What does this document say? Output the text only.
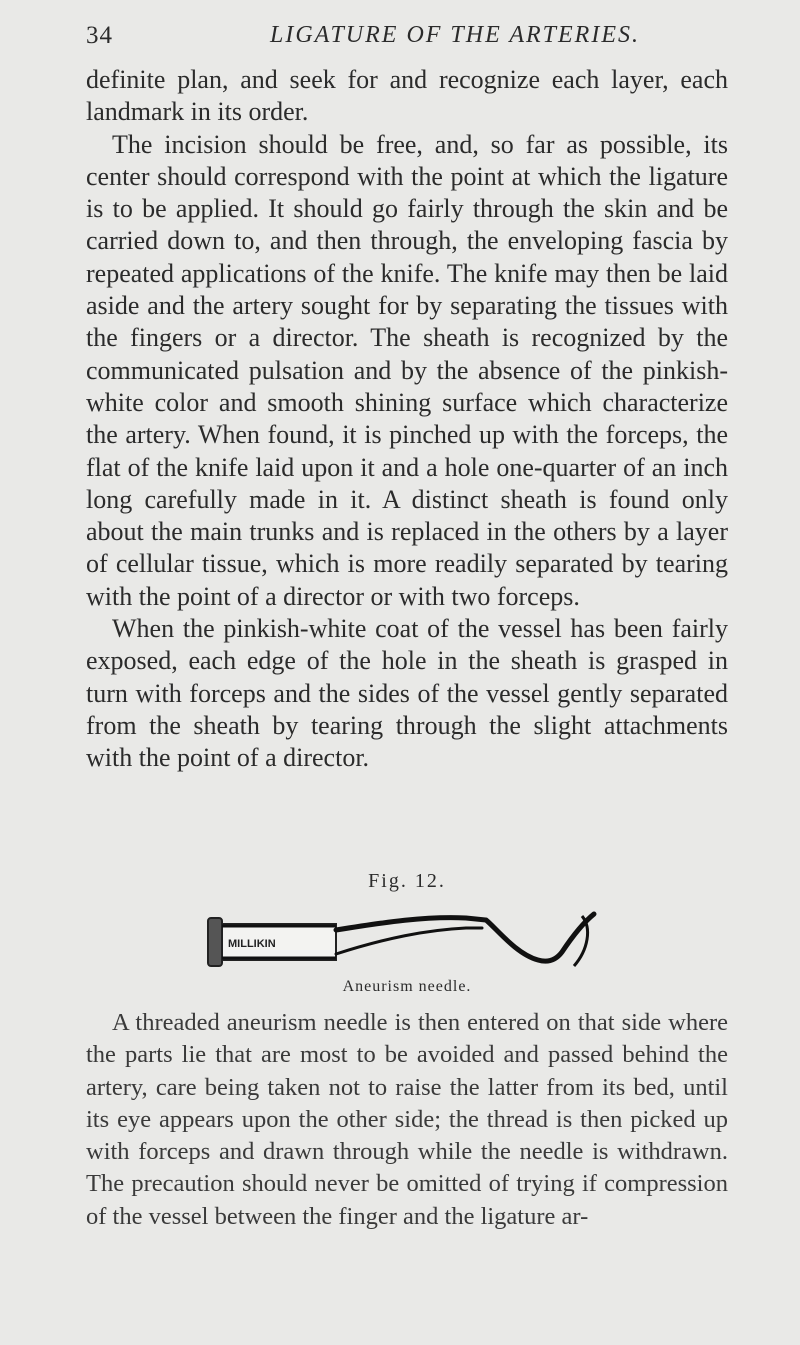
34	LIGATURE OF THE ARTERIES.

definite plan, and seek for and recognize each layer, each landmark in its order.

The incision should be free, and, so far as possible, its center should correspond with the point at which the ligature is to be applied. It should go fairly through the skin and be carried down to, and then through, the enveloping fascia by repeated applications of the knife. The knife may then be laid aside and the artery sought for by separating the tissues with the fingers or a director. The sheath is recognized by the communicated pulsation and by the absence of the pinkish-white color and smooth shining surface which characterize the artery. When found, it is pinched up with the forceps, the flat of the knife laid upon it and a hole one-quarter of an inch long carefully made in it. A distinct sheath is found only about the main trunks and is replaced in the others by a layer of cellular tissue, which is more readily separated by tearing with the point of a director or with two forceps.

When the pinkish-white coat of the vessel has been fairly exposed, each edge of the hole in the sheath is grasped in turn with forceps and the sides of the vessel gently separated from the sheath by tearing through the slight attachments with the point of a director.

Fig. 12.
MILLIKIN
Aneurism needle.

A threaded aneurism needle is then entered on that side where the parts lie that are most to be avoided and passed behind the artery, care being taken not to raise the latter from its bed, until its eye appears upon the other side; the thread is then picked up with forceps and drawn through while the needle is withdrawn. The precaution should never be omitted of trying if compression of the vessel between the finger and the ligature ar-
